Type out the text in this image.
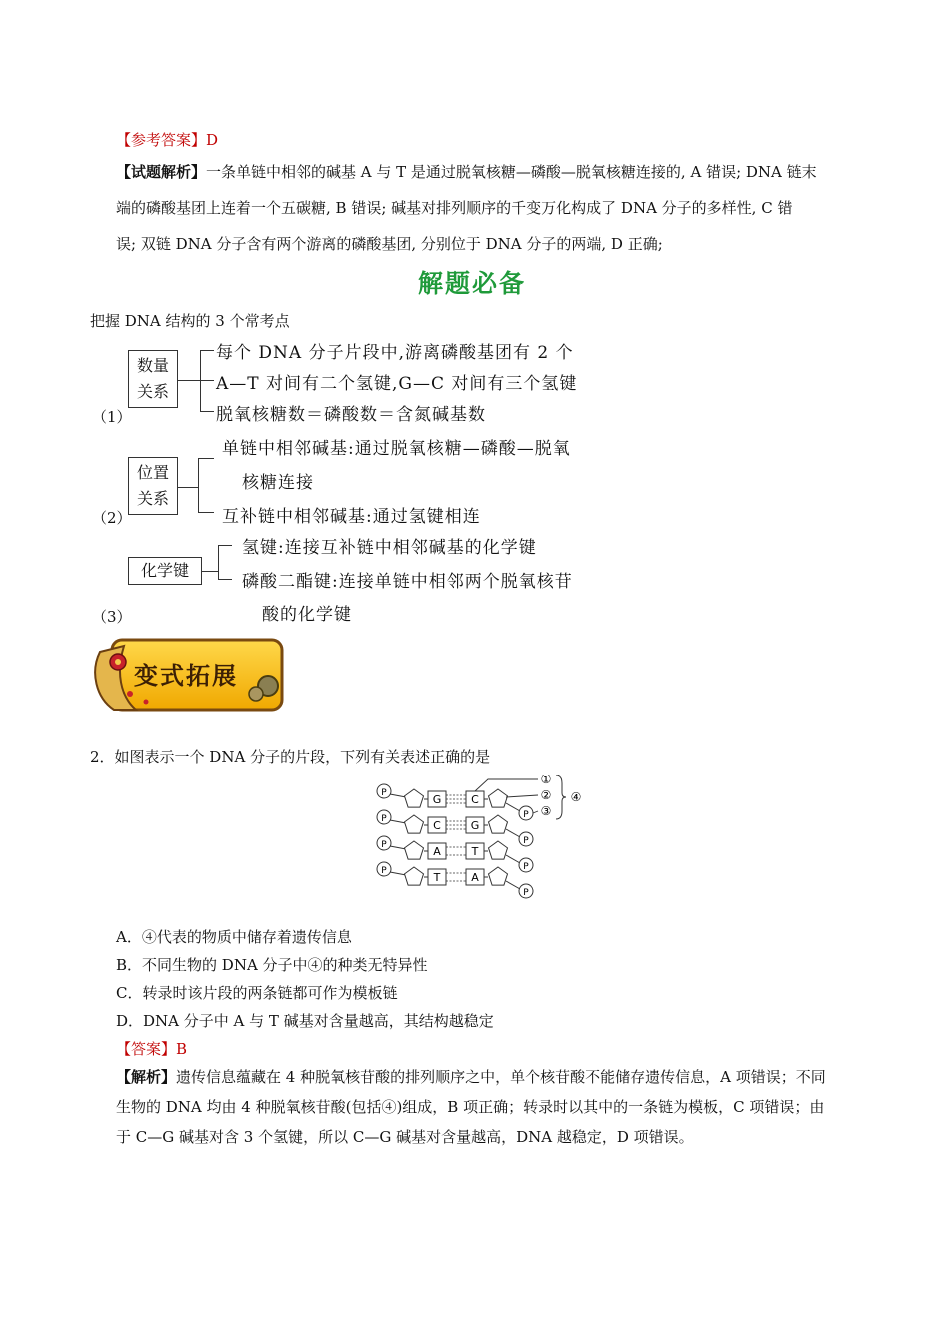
【参考答案】D
【试题解析】一条单链中相邻的碱基 A 与 T 是通过脱氧核糖—磷酸—脱氧核糖连接的, A 错误; DNA 链末
端的磷酸基团上连着一个五碳糖, B 错误; 碱基对排列顺序的千变万化构成了 DNA 分子的多样性, C 错
误; 双链 DNA 分子含有两个游离的磷酸基团, 分别位于 DNA 分子的两端, D 正确;
解题必备
把握 DNA 结构的 3 个常考点
数量
关系
每个 DNA 分子片段中,游离磷酸基团有 2 个
A—T 对间有二个氢键,G—C 对间有三个氢键
脱氧核糖数＝磷酸数＝含氮碱基数
（1）
位置
关系
单链中相邻碱基:通过脱氧核糖—磷酸—脱氧
核糖连接
互补链中相邻碱基:通过氢键相连
（2）
化学键
氢键:连接互补链中相邻碱基的化学键
磷酸二酯键:连接单链中相邻两个脱氧核苷
酸的化学键
（3）
变式拓展
2．如图表示一个 DNA 分子的片段，下列有关表述正确的是
P	G	C
P
P	C	G
P
P	A	T
P
P	T	A
P
①
②
③
④
A．④代表的物质中储存着遗传信息
B．不同生物的 DNA 分子中④的种类无特异性
C．转录时该片段的两条链都可作为模板链
D．DNA 分子中 A 与 T 碱基对含量越高，其结构越稳定
【答案】B
【解析】遗传信息蕴藏在 4 种脱氧核苷酸的排列顺序之中，单个核苷酸不能储存遗传信息，A 项错误；不同
生物的 DNA 均由 4 种脱氧核苷酸(包括④)组成，B 项正确；转录时以其中的一条链为模板，C 项错误；由
于 C—G 碱基对含 3 个氢键，所以 C—G 碱基对含量越高，DNA 越稳定，D 项错误。
